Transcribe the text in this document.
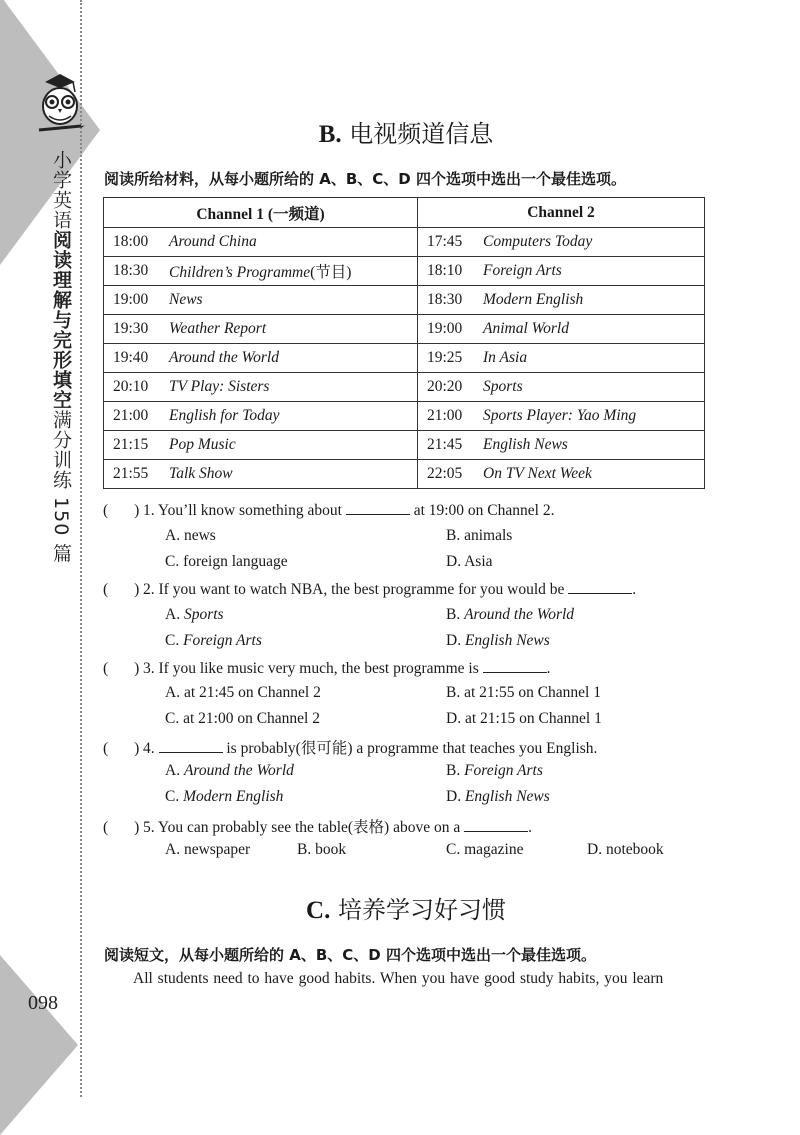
小学英语阅读理解与完形填空满分训练 150 篇
098
B. 电视频道信息
阅读所给材料，从每小题所给的 A、B、C、D 四个选项中选出一个最佳选项。
Channel 1 (一频道)	Channel 2

18:00 Around China	17:45 Computers Today

18:30 Children’s Programme(节目)	18:10 Foreign Arts

19:00 News	18:30 Modern English

19:30 Weather Report	19:00 Animal World

19:40 Around the World	19:25 In Asia

20:10 TV Play: Sisters	20:20 Sports

21:00 English for Today	21:00 Sports Player: Yao Ming

21:15 Pop Music	21:45 English News

21:55 Talk Show	22:05 On TV Next Week
( ) 1. You’ll know something about	at 19:00 on Channel 2.
A. news	B. animals
C. foreign language	D. Asia
( ) 2. If you want to watch NBA, the best programme for you would be	.
A. Sports	B. Around the World
C. Foreign Arts	D. English News
( ) 3. If you like music very much, the best programme is	.
A. at 21:45 on Channel 2	B. at 21:55 on Channel 1
C. at 21:00 on Channel 2	D. at 21:15 on Channel 1
( ) 4.	is probably(很可能) a programme that teaches you English.
A. Around the World	B. Foreign Arts
C. Modern English	D. English News
( ) 5. You can probably see the table(表格) above on a	.
A. newspaper	B. book	C. magazine	D. notebook
C. 培养学习好习惯
阅读短文，从每小题所给的 A、B、C、D 四个选项中选出一个最佳选项。
All students need to have good habits. When you have good study habits, you learn
